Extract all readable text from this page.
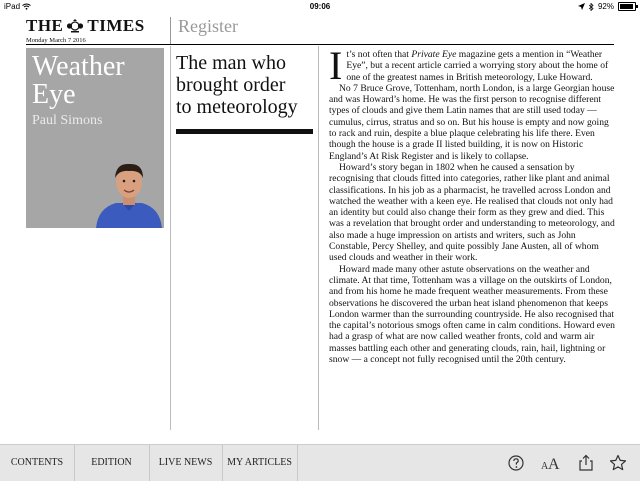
iPad	09:06	92%
THE TIMES
Monday March 7 2016
Register
Weather
Eye
Paul Simons
The man who
brought order
to meteorology

It’s not often that Private Eye magazine gets a mention in “Weather Eye”, but a recent article carried a worrying story about the home of one of the greatest names in British meteorology, Luke Howard.

No 7 Bruce Grove, Tottenham, north London, is a large Georgian house and was Howard’s home. He was the first person to recognise different types of clouds and give them Latin names that are still used today — cumulus, cirrus, stratus and so on. But his house is empty and now going to rack and ruin, despite a blue plaque celebrating his life there. Even though the house is a grade II listed building, it is now on Historic England’s At Risk Register and is likely to collapse.

Howard’s story began in 1802 when he caused a sensation by recognising that clouds fitted into categories, rather like plant and animal classifications. In his job as a pharmacist, he travelled across London and watched the weather with a keen eye. He realised that clouds not only had an identity but could also change their form as they grew and died. This was a revelation that brought order and understanding to meteorology, and also made a huge impression on artists and writers, such as John Constable, Percy Shelley, and quite possibly Jane Austen, all of whom used clouds and weather in their work.

Howard made many other astute observations on the weather and climate. At that time, Tottenham was a village on the outskirts of London, and from his home he made frequent weather measurements. From these observations he discovered the urban heat island phenomenon that keeps London warmer than the surrounding countryside. He also recognised that the capital’s notorious smogs often came in calm conditions. Howard even had a grasp of what are now called weather fronts, cold and warm air masses battling each other and generating clouds, rain, hail, lightning or snow — a concept not fully recognised until the 20th century.

CONTENTS	EDITION	LIVE NEWS	MY ARTICLES	A A
